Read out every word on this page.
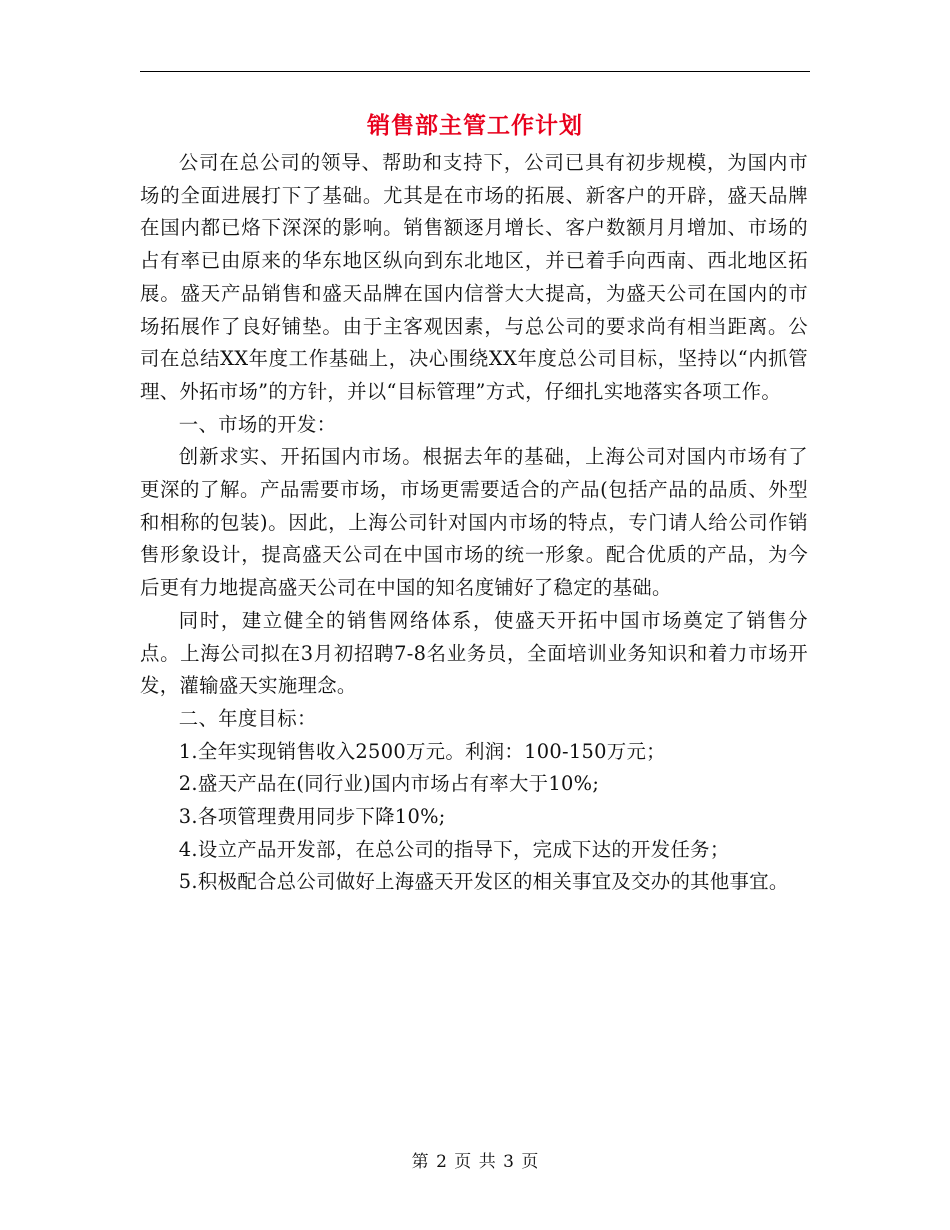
销售部主管工作计划

公司在总公司的领导、帮助和支持下，公司已具有初步规模，为国内市场的全面进展打下了基础。尤其是在市场的拓展、新客户的开辟，盛天品牌在国内都已烙下深深的影响。销售额逐月增长、客户数额月月增加、市场的占有率已由原来的华东地区纵向到东北地区，并已着手向西南、西北地区拓展。盛天产品销售和盛天品牌在国内信誉大大提高，为盛天公司在国内的市场拓展作了良好铺垫。由于主客观因素，与总公司的要求尚有相当距离。公司在总结XX年度工作基础上，决心围绕XX年度总公司目标，坚持以“内抓管理、外拓市场”的方针，并以“目标管理”方式，仔细扎实地落实各项工作。

一、市场的开发：

创新求实、开拓国内市场。根据去年的基础，上海公司对国内市场有了更深的了解。产品需要市场，市场更需要适合的产品(包括产品的品质、外型和相称的包装)。因此，上海公司针对国内市场的特点，专门请人给公司作销售形象设计，提高盛天公司在中国市场的统一形象。配合优质的产品，为今后更有力地提高盛天公司在中国的知名度铺好了稳定的基础。

同时，建立健全的销售网络体系，使盛天开拓中国市场奠定了销售分点。上海公司拟在3月初招聘7-8名业务员，全面培训业务知识和着力市场开发，灌输盛天实施理念。

二、年度目标：

1.全年实现销售收入2500万元。利润：100-150万元；

2.盛天产品在(同行业)国内市场占有率大于10%;

3.各项管理费用同步下降10%;

4.设立产品开发部，在总公司的指导下，完成下达的开发任务；

5.积极配合总公司做好上海盛天开发区的相关事宜及交办的其他事宜。

第 2 页 共 3 页
